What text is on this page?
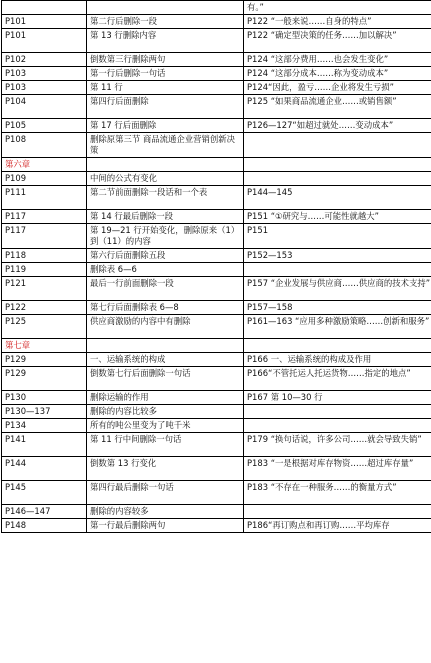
		有。”
P101	第二行后删除一段	P122 “一般来说……自身的特点”
P101	第 13 行删除内容	P122 “确定型决策的任务……加以解决”
P102	倒数第三行删除两句	P124 “这部分费用……也会发生变化”
P103	第一行后删除一句话	P124 “这部分成本……称为变动成本”
P103	第 11 行	P124“因此，盈亏……企业将发生亏损”
P104	第四行后面删除	P125 “如果商品流通企业……或销售额”
P105	第 17 行后面删除	P126—127“如超过就处……变动成本”
P108	删除原第三节 商品流通企业营销创新决策	
第六章		
P109	中间的公式有变化	
P111	第二节前面删除一段话和一个表	P144—145
P117	第 14 行最后删除一段	P151 “①研究与……可能性就越大”
P117	第 19—21 行开始变化，删除原来（1）到（11）的内容	P151
P118	第六行后面删除五段	P152—153
P119	删除表 6—6	
P121	最后一行前面删除一段	P157 “企业发展与供应商……供应商的技术支持”
P122	第七行后面删除表 6—8	P157—158
P125	供应商激励的内容中有删除	P161—163 “应用多种激励策略……创新和服务”
第七章		
P129	一、运输系统的构成	P166 一、运输系统的构成及作用
P129	倒数第七行后面删除一句话	P166“不管托运人托运货物……指定的地点”
P130	删除运输的作用	P167 第 10—30 行
P130—137	删除的内容比较多	
P134	所有的吨公里变为了吨千米	
P141	第 11 行中间删除一句话	P179 “换句话说，许多公司……就会导致失销”
P144	倒数第 13 行变化	P183 “一是根据对库存物资……超过库存量”
P145	第四行最后删除一句话	P183 “不存在一种服务……的衡量方式”
P146—147	删除的内容较多	
P148	第一行最后删除两句	P186“再订购点和再订购……平均库存
